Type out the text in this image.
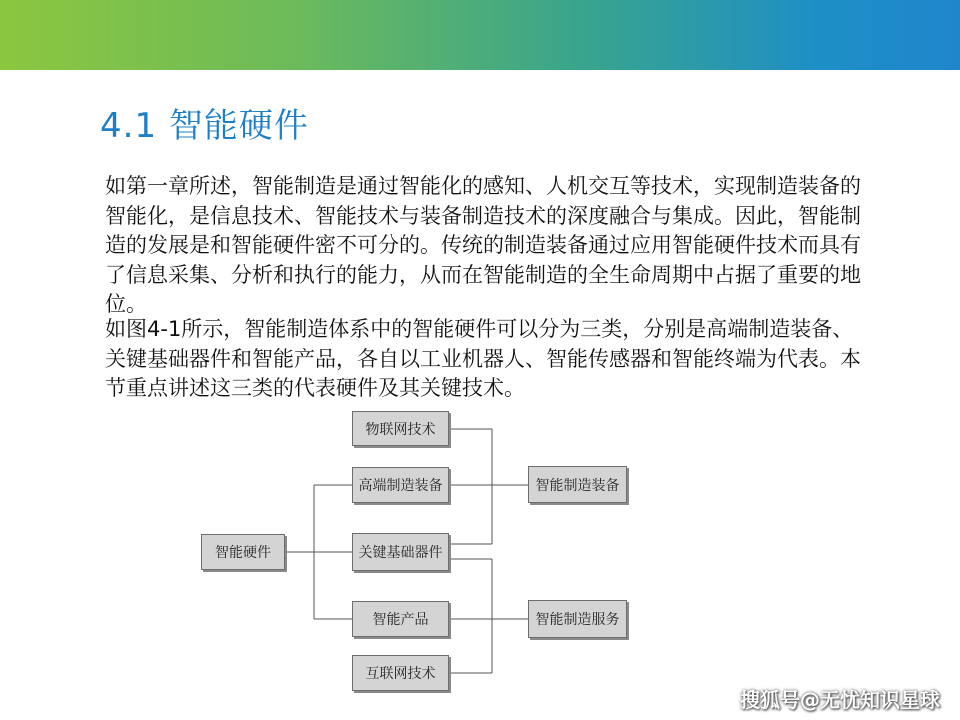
4.1 智能硬件

如第一章所述，智能制造是通过智能化的感知、人机交互等技术，实现制造装备的智能化，是信息技术、智能技术与装备制造技术的深度融合与集成。因此，智能制造的发展是和智能硬件密不可分的。传统的制造装备通过应用智能硬件技术而具有了信息采集、分析和执行的能力，从而在智能制造的全生命周期中占据了重要的地位。

如图4-1所示，智能制造体系中的智能硬件可以分为三类，分别是高端制造装备、关键基础器件和智能产品，各自以工业机器人、智能传感器和智能终端为代表。本节重点讲述这三类的代表硬件及其关键技术。

智能硬件
物联网技术
高端制造装备
关键基础器件
智能产品
互联网技术
智能制造装备
智能制造服务
搜狐号@无忧知识星球
